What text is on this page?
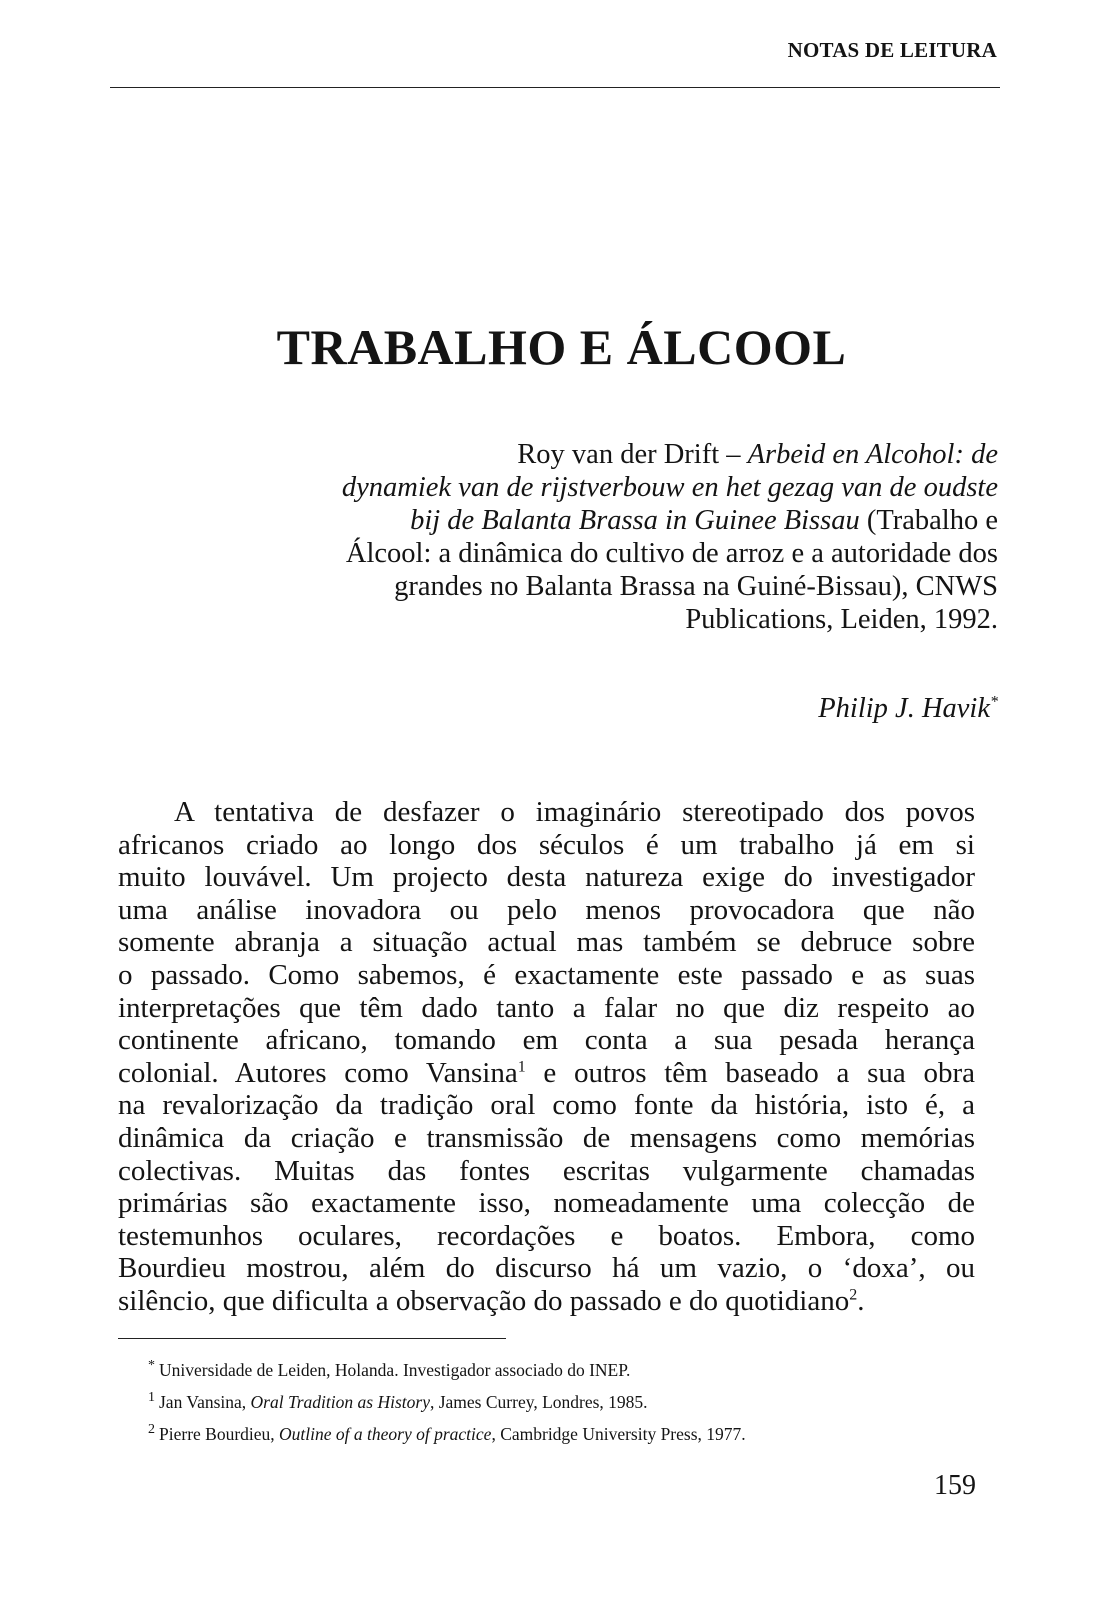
NOTAS DE LEITURA
TRABALHO E ÁLCOOL
Roy van der Drift – Arbeid en Alcohol: de
dynamiek van de rijstverbouw en het gezag van de oudste
bij de Balanta Brassa in Guinee Bissau (Trabalho e
Álcool: a dinâmica do cultivo de arroz e a autoridade dos
grandes no Balanta Brassa na Guiné-Bissau), CNWS
Publications, Leiden, 1992.
Philip J. Havik*
A tentativa de desfazer o imaginário stereotipado dos povos
africanos criado ao longo dos séculos é um trabalho já em si
muito louvável. Um projecto desta natureza exige do investigador
uma análise inovadora ou pelo menos provocadora que não
somente abranja a situação actual mas também se debruce sobre
o passado. Como sabemos, é exactamente este passado e as suas
interpretações que têm dado tanto a falar no que diz respeito ao
continente africano, tomando em conta a sua pesada herança
colonial. Autores como Vansina$^1$ e outros têm baseado a sua obra
na revalorização da tradição oral como fonte da história, isto é, a
dinâmica da criação e transmissão de mensagens como memórias
colectivas. Muitas das fontes escritas vulgarmente chamadas
primárias são exactamente isso, nomeadamente uma colecção de
testemunhos oculares, recordações e boatos. Embora, como
Bourdieu mostrou, além do discurso há um vazio, o ‘doxa’, ou
silêncio, que dificulta a observação do passado e do quotidiano$^2$.
* Universidade de Leiden, Holanda. Investigador associado do INEP.
$^1$ Jan Vansina, Oral Tradition as History, James Currey, Londres, 1985.
$^2$ Pierre Bourdieu, Outline of a theory of practice, Cambridge University Press, 1977.
159
